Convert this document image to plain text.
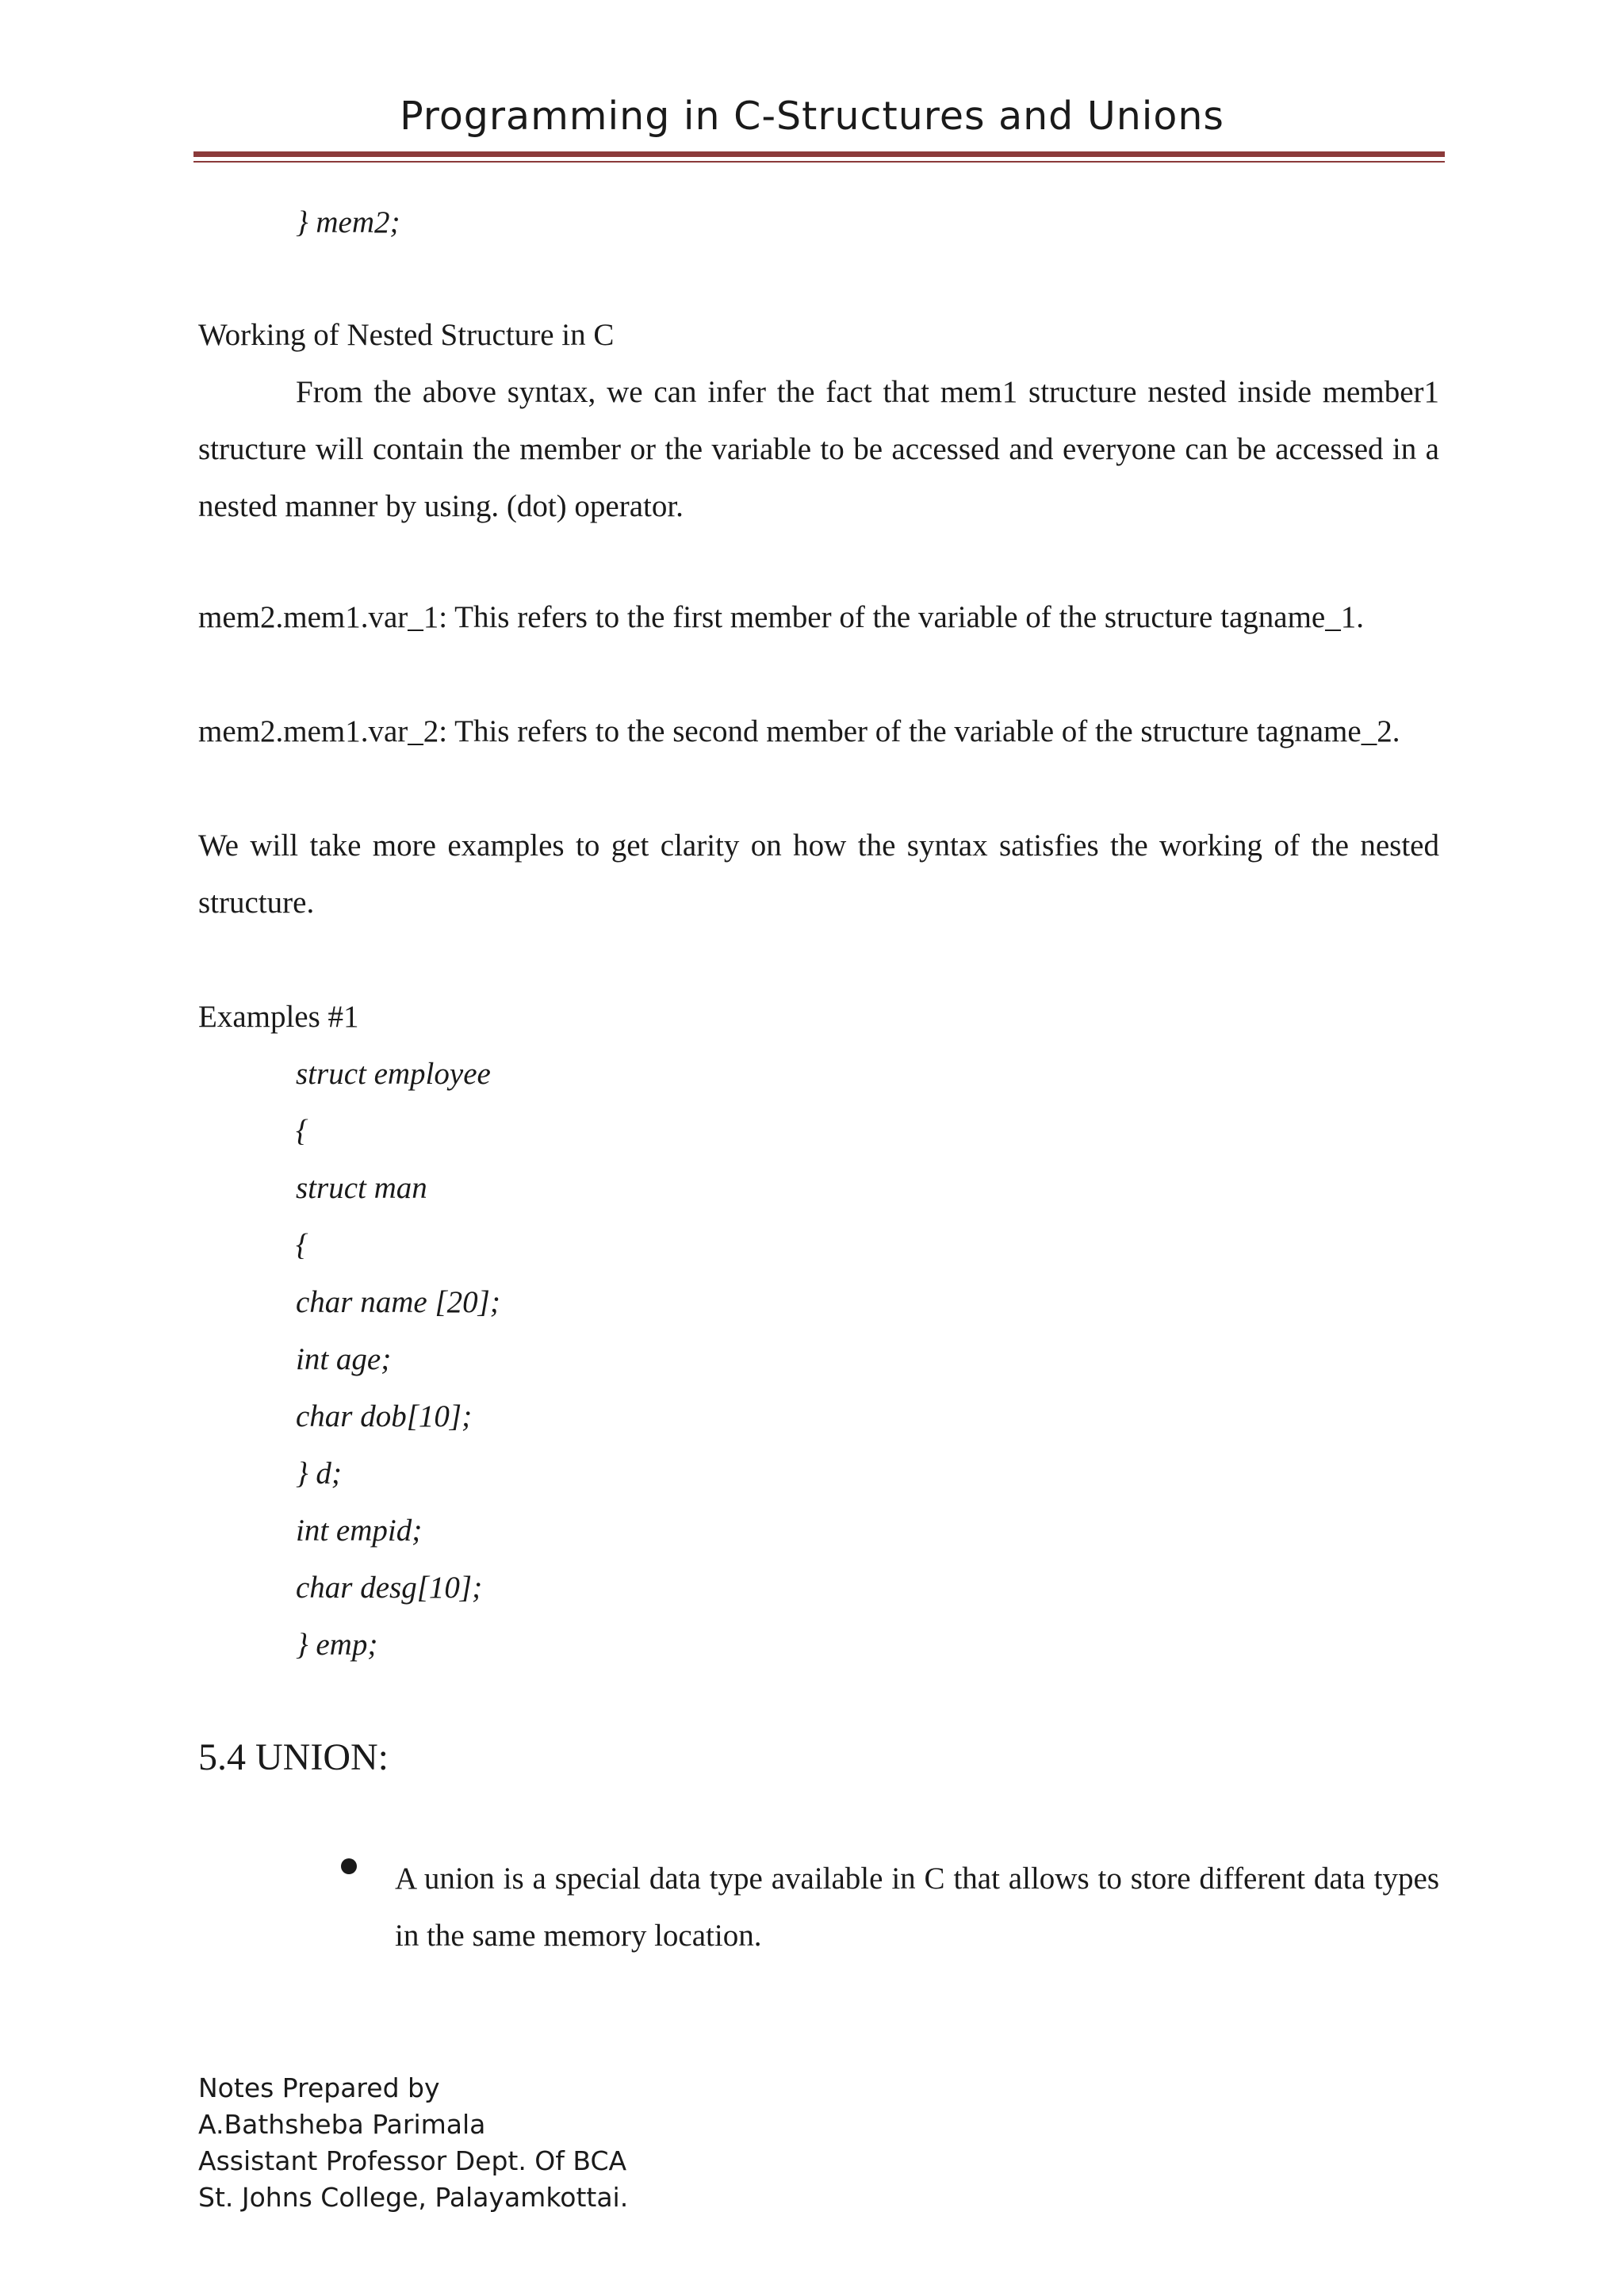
Programming in C-Structures and Unions
} mem2;
Working of Nested Structure in C
From the above syntax, we can infer the fact that mem1 structure nested inside member1 structure will contain the member or the variable to be accessed and everyone can be accessed in a nested manner by using. (dot) operator.
mem2.mem1.var_1: This refers to the first member of the variable of the structure tagname_1.
mem2.mem1.var_2: This refers to the second member of the variable of the structure tagname_2.
We will take more examples to get clarity on how the syntax satisfies the working of the nested structure.
Examples #1
struct employee
{
struct man
{
char name [20];
int age;
char dob[10];
} d;
int empid;
char desg[10];
} emp;
5.4 UNION:
A union is a special data type available in C that allows to store different data types in the same memory location.
Notes Prepared by
A.Bathsheba Parimala
Assistant Professor Dept. Of BCA
St. Johns College, Palayamkottai.
